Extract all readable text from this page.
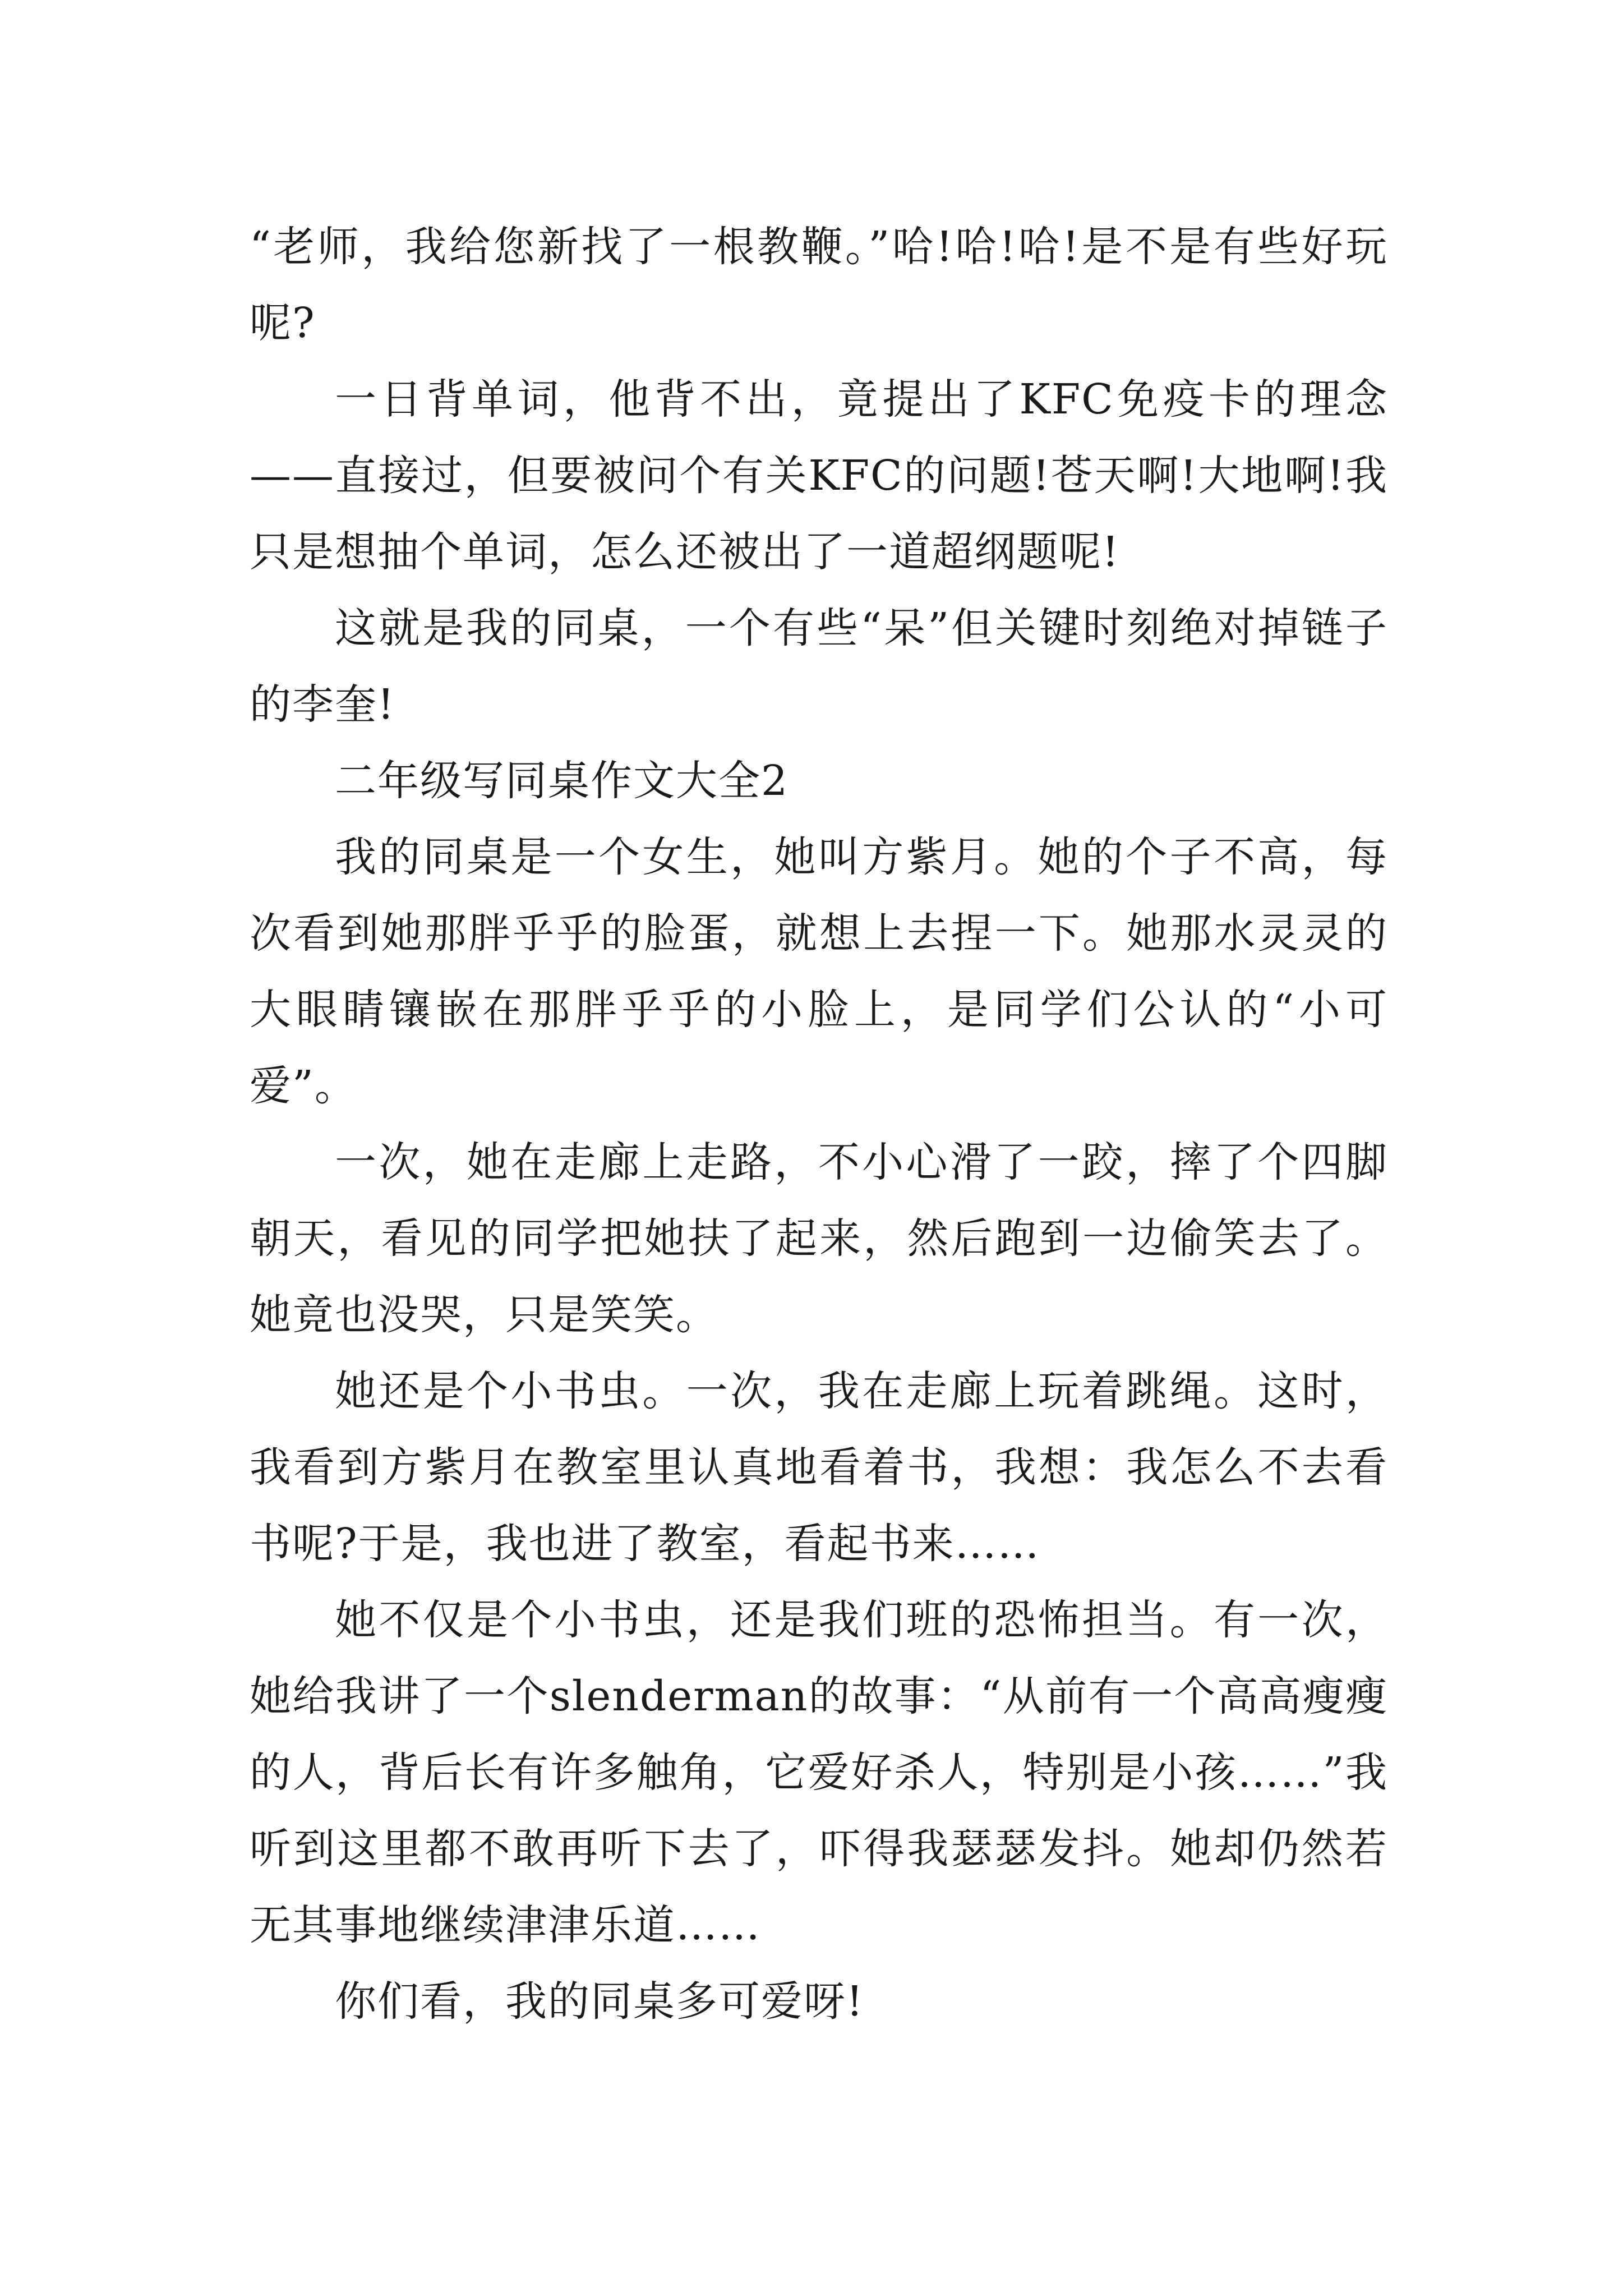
“老师，我给您新找了一根教鞭。”哈!哈!哈!是不是有些好玩呢?

一日背单词，他背不出，竟提出了KFC免疫卡的理念——直接过，但要被问个有关KFC的问题!苍天啊!大地啊!我只是想抽个单词，怎么还被出了一道超纲题呢!

这就是我的同桌，一个有些“呆”但关键时刻绝对掉链子的李奎!

二年级写同桌作文大全2

我的同桌是一个女生，她叫方紫月。她的个子不高，每次看到她那胖乎乎的脸蛋，就想上去捏一下。她那水灵灵的大眼睛镶嵌在那胖乎乎的小脸上，是同学们公认的“小可爱”。

一次，她在走廊上走路，不小心滑了一跤，摔了个四脚朝天，看见的同学把她扶了起来，然后跑到一边偷笑去了。她竟也没哭，只是笑笑。

她还是个小书虫。一次，我在走廊上玩着跳绳。这时，我看到方紫月在教室里认真地看着书，我想：我怎么不去看书呢?于是，我也进了教室，看起书来……

她不仅是个小书虫，还是我们班的恐怖担当。有一次，她给我讲了一个slenderman的故事：“从前有一个高高瘦瘦的人，背后长有许多触角，它爱好杀人，特别是小孩……”我听到这里都不敢再听下去了，吓得我瑟瑟发抖。她却仍然若无其事地继续津津乐道……

你们看，我的同桌多可爱呀!
